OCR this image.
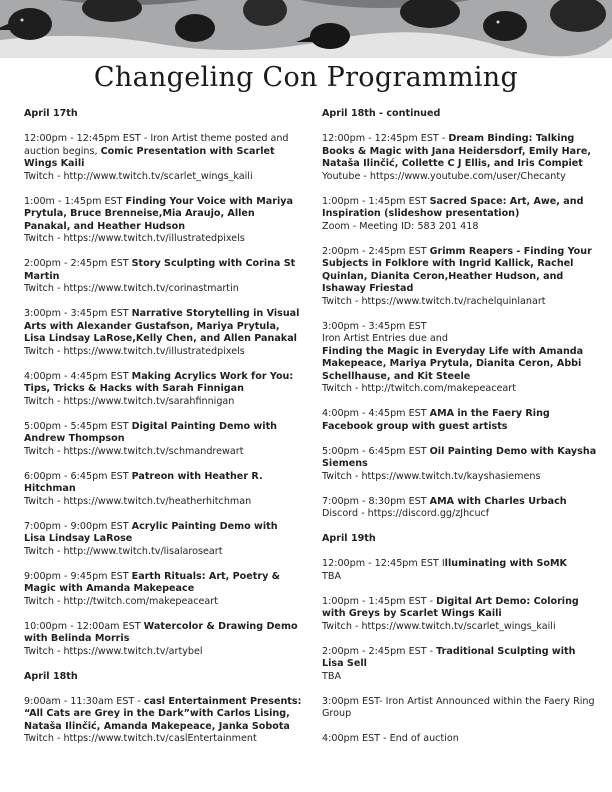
Changeling Con Programming
April 17th
12:00pm - 12:45pm EST - Iron Artist theme posted and auction begins, Comic Presentation with Scarlet Wings Kaili
Twitch - http://www.twitch.tv/scarlet_wings_kaili
1:00m - 1:45pm EST Finding Your Voice with Mariya Prytula, Bruce Brenneise,Mia Araujo, Allen Panakal, and Heather Hudson
Twitch - https://www.twitch.tv/illustratedpixels
2:00pm - 2:45pm EST Story Sculpting with Corina St Martin
Twitch - https://www.twitch.tv/corinastmartin
3:00pm - 3:45pm EST Narrative Storytelling in Visual Arts with Alexander Gustafson, Mariya Prytula, Lisa Lindsay LaRose,Kelly Chen, and Allen Panakal
Twitch - https://www.twitch.tv/illustratedpixels
4:00pm - 4:45pm EST Making Acrylics Work for You: Tips, Tricks & Hacks with Sarah Finnigan
Twitch - https://www.twitch.tv/sarahfinnigan
5:00pm - 5:45pm EST Digital Painting Demo with Andrew Thompson
Twitch - https://www.twitch.tv/schmandrewart
6:00pm - 6:45pm EST Patreon with Heather R. Hitchman
Twitch - https://www.twitch.tv/heatherhitchman
7:00pm - 9:00pm EST Acrylic Painting Demo with Lisa Lindsay LaRose
Twitch - http://www.twitch.tv/lisalaroseart
9:00pm - 9:45pm EST Earth Rituals: Art, Poetry & Magic with Amanda Makepeace
Twitch - http://twitch.com/makepeaceart
10:00pm - 12:00am EST Watercolor & Drawing Demo with Belinda Morris
Twitch - https://www.twitch.tv/artybel
April 18th
9:00am - 11:30am EST - casl Entertainment Presents: “All Cats are Grey in the Dark”with Carlos Lising, Nataša Ilinčić, Amanda Makepeace, Janka Sobota
Twitch - https://www.twitch.tv/caslEntertainment
April 18th - continued
12:00pm - 12:45pm EST - Dream Binding: Talking Books & Magic with Jana Heidersdorf, Emily Hare, Nataša Ilinčić, Collette C J Ellis, and Iris Compiet
Youtube - https://www.youtube.com/user/Checanty
1:00pm - 1:45pm EST Sacred Space: Art, Awe, and Inspiration (slideshow presentation)
Zoom - Meeting ID: 583 201 418
2:00pm - 2:45pm EST Grimm Reapers - Finding Your Subjects in Folklore with Ingrid Kallick, Rachel Quinlan, Dianita Ceron,Heather Hudson, and Ishaway Friestad
Twitch - https://www.twitch.tv/rachelquinlanart
3:00pm - 3:45pm EST
Iron Artist Entries due and
Finding the Magic in Everyday Life with Amanda Makepeace, Mariya Prytula, Dianita Ceron, Abbi Schellhause, and Kit Steele
Twitch - http://twitch.com/makepeaceart
4:00pm - 4:45pm EST AMA in the Faery Ring Facebook group with guest artists
5:00pm - 6:45pm EST Oil Painting Demo with Kaysha Siemens
Twitch - https://www.twitch.tv/kayshasiemens
7:00pm - 8:30pm EST AMA with Charles Urbach
Discord - https://discord.gg/zJhcucf
April 19th
12:00pm - 12:45pm EST Illuminating with SoMK
TBA
1:00pm - 1:45pm EST - Digital Art Demo: Coloring with Greys by Scarlet Wings Kaili
Twitch - https://www.twitch.tv/scarlet_wings_kaili
2:00pm - 2:45pm EST - Traditional Sculpting with Lisa Sell
TBA
3:00pm EST- Iron Artist Announced within the Faery Ring Group
4:00pm EST - End of auction
